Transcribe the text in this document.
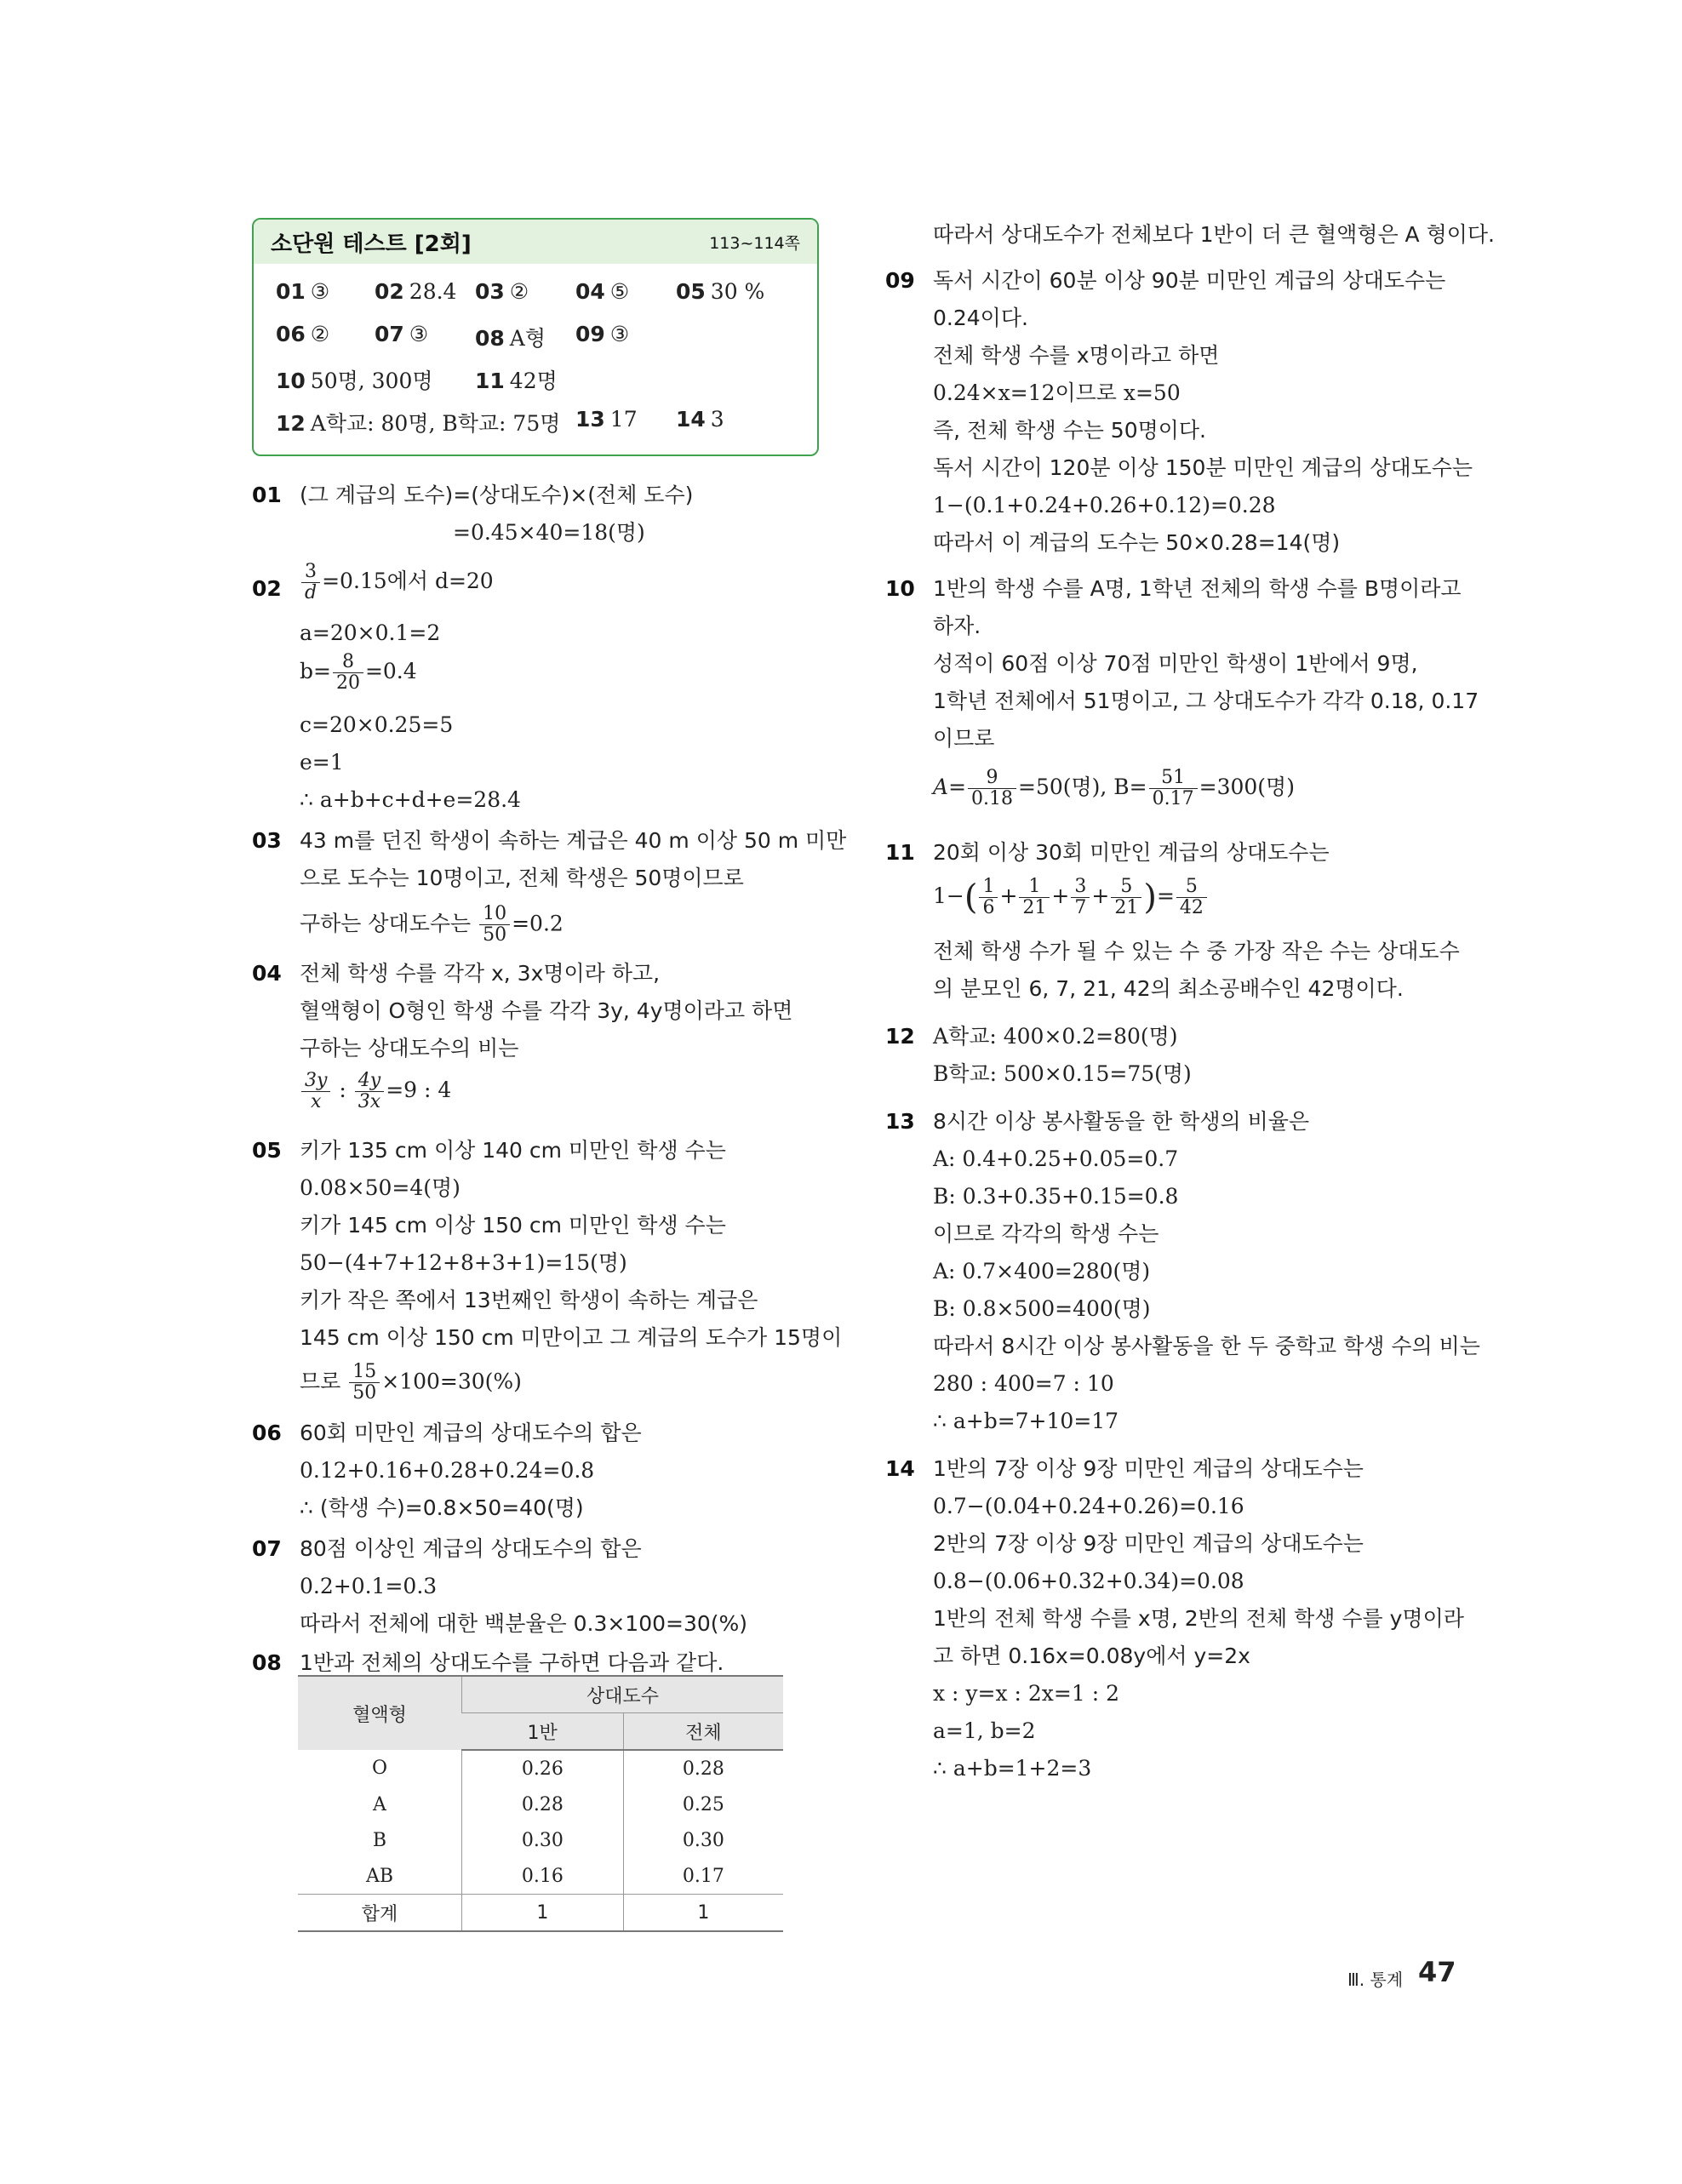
소단원 테스트 [2회]	113~114쪽
01 ③ 02 28.4 03 ② 04 ⑤ 05 30 %
06 ② 07 ③ 08 A형 09 ③
10 50명, 300명 11 42명
12 A학교: 80명, B학교: 75명 13 17 14 3
01 (그 계급의 도수)=(상대도수)×(전체 도수)
=0.45×40=18(명)
$02 \frac{3}{d} =0.15$에서 d=20
a=20×0.1=2
$b= \frac{8}{20} =0.4$
c=20×0.25=5
e=1
∴ a+b+c+d+e=28.4
03 43 m를 던진 학생이 속하는 계급은 40 m 이상 50 m 미만
으로 도수는 10명이고, 전체 학생은 50명이므로
구하는 상대도수는 $\frac{10}{50} =0.2$
04 전체 학생 수를 각각 x, 3x명이라 하고,
혈액형이 O형인 학생 수를 각각 3y, 4y명이라고 하면
구하는 상대도수의 비는
$\frac{3y}{x}$ : $\frac{4y}{3x} =9$ : 4
05 키가 135 cm 이상 140 cm 미만인 학생 수는
0.08×50=4(명)
키가 145 cm 이상 150 cm 미만인 학생 수는
50−(4+7+12+8+3+1)=15(명)
키가 작은 쪽에서 13번째인 학생이 속하는 계급은
145 cm 이상 150 cm 미만이고 그 계급의 도수가 15명이
므로 $\frac{15}{50} \times 100=30(\%)$
06 60회 미만인 계급의 상대도수의 합은
0.12+0.16+0.28+0.24=0.8
∴ (학생 수)=0.8×50=40(명)
07 80점 이상인 계급의 상대도수의 합은
0.2+0.1=0.3
따라서 전체에 대한 백분율은 0.3×100=30(%)
08 1반과 전체의 상대도수를 구하면 다음과 같다.
혈액형	상대도수	
	1반	전체
O	0.26	0.28
A	0.28	0.25
B	0.30	0.30
AB	0.16	0.17
합계	1	1
따라서 상대도수가 전체보다 1반이 더 큰 혈액형은 A 형이다.
09 독서 시간이 60분 이상 90분 미만인 계급의 상대도수는
0.24이다.
전체 학생 수를 x명이라고 하면
0.24×x=12이므로 x=50
즉, 전체 학생 수는 50명이다.
독서 시간이 120분 이상 150분 미만인 계급의 상대도수는
1−(0.1+0.24+0.26+0.12)=0.28
따라서 이 계급의 도수는 50×0.28=14(명)
10 1반의 학생 수를 A명, 1학년 전체의 학생 수를 B명이라고
하자.
성적이 60점 이상 70점 미만인 학생이 1반에서 9명,
1학년 전체에서 51명이고, 그 상대도수가 각각 0.18, 0.17
이므로
$A= \frac{9}{0.18} =50$(명), $B= \frac{51}{0.17} =300$(명)
11 20회 이상 30회 미만인 계급의 상대도수는
$1-( \frac{1}{6} + \frac{1}{21} + \frac{3}{7} + \frac{5}{21}$ )= $\frac{5}{42}$
전체 학생 수가 될 수 있는 수 중 가장 작은 수는 상대도수
의 분모인 6, 7, 21, 42의 최소공배수인 42명이다.
12 A학교: 400×0.2=80(명)
B학교: 500×0.15=75(명)
13 8시간 이상 봉사활동을 한 학생의 비율은
A: 0.4+0.25+0.05=0.7
B: 0.3+0.35+0.15=0.8
이므로 각각의 학생 수는
A: 0.7×400=280(명)
B: 0.8×500=400(명)
따라서 8시간 이상 봉사활동을 한 두 중학교 학생 수의 비는
280 : 400=7 : 10
∴ a+b=7+10=17
14 1반의 7장 이상 9장 미만인 계급의 상대도수는
0.7−(0.04+0.24+0.26)=0.16
2반의 7장 이상 9장 미만인 계급의 상대도수는
0.8−(0.06+0.32+0.34)=0.08
1반의 전체 학생 수를 x명, 2반의 전체 학생 수를 y명이라
고 하면 0.16x=0.08y에서 y=2x
x : y=x : 2x=1 : 2
a=1, b=2
∴ a+b=1+2=3
Ⅲ. 통계 47
